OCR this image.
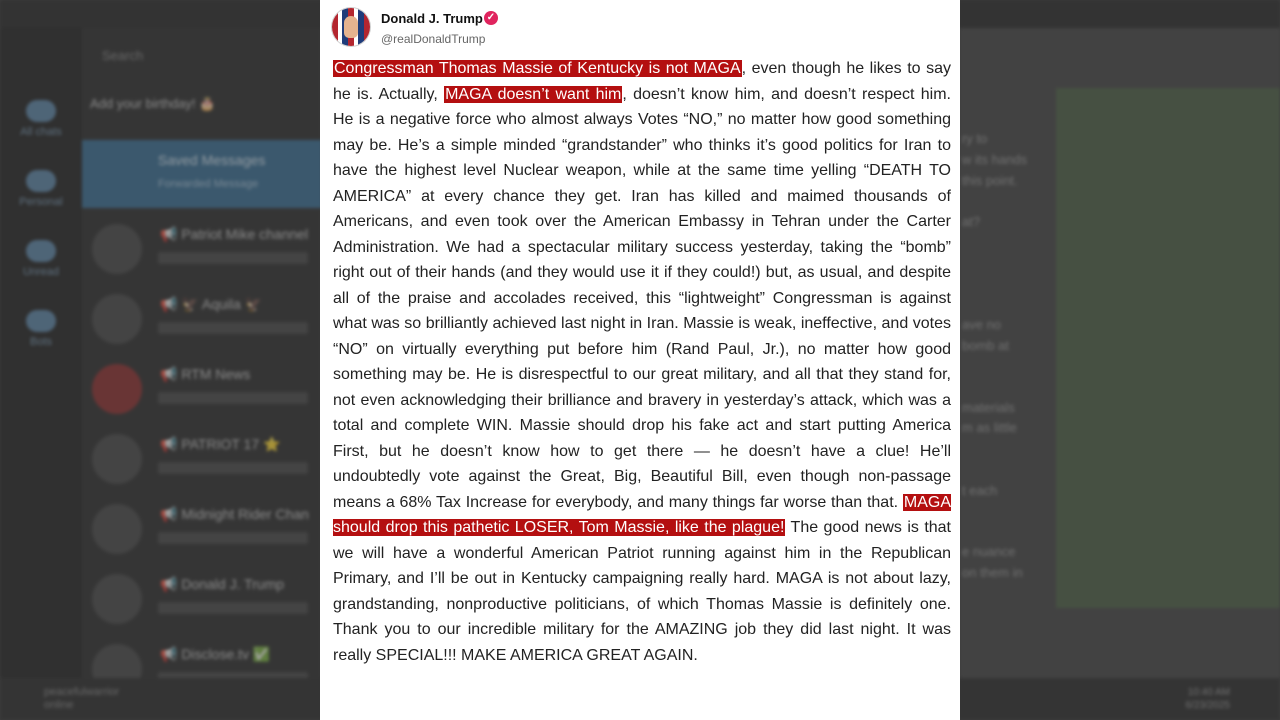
All chats
Personal
Unread
Bots
Search
Add your birthday! 🎂
Saved Messages
Forwarded Message
📢 Patriot Mike channel
📢 🦅 Aquila 🦅
📢 RTM News
📢 PATRIOT 17 ⭐
📢 Midnight Rider Chan
📢 Donald J. Trump
📢 Disclose.tv ✅
ry to
w its hands
this point.
at?
ave no
bomb at
materials
m as little
t each
e nuance
on them in
peacefulwarrior
online
10:40 AM
6/23/2025
Donald J. Trump ✓
@realDonaldTrump
Congressman Thomas Massie of Kentucky is not MAGA, even though he likes to say he is. Actually, MAGA doesn’t want him, doesn’t know him, and doesn’t respect him. He is a negative force who almost always Votes “NO,” no matter how good something may be. He’s a simple minded “grandstander” who thinks it’s good politics for Iran to have the highest level Nuclear weapon, while at the same time yelling “DEATH TO AMERICA” at every chance they get. Iran has killed and maimed thousands of Americans, and even took over the American Embassy in Tehran under the Carter Administration. We had a spectacular military success yesterday, taking the “bomb” right out of their hands (and they would use it if they could!) but, as usual, and despite all of the praise and accolades received, this “lightweight” Congressman is against what was so brilliantly achieved last night in Iran. Massie is weak, ineffective, and votes “NO” on virtually everything put before him (Rand Paul, Jr.), no matter how good something may be. He is disrespectful to our great military, and all that they stand for, not even acknowledging their brilliance and bravery in yesterday’s attack, which was a total and complete WIN. Massie should drop his fake act and start putting America First, but he doesn’t know how to get there — he doesn’t have a clue! He’ll undoubtedly vote against the Great, Big, Beautiful Bill, even though non-passage means a 68% Tax Increase for everybody, and many things far worse than that. MAGA should drop this pathetic LOSER, Tom Massie, like the plague! The good news is that we will have a wonderful American Patriot running against him in the Republican Primary, and I’ll be out in Kentucky campaigning really hard. MAGA is not about lazy, grandstanding, nonproductive politicians, of which Thomas Massie is definitely one. Thank you to our incredible military for the AMAZING job they did last night. It was really SPECIAL!!! MAKE AMERICA GREAT AGAIN.
